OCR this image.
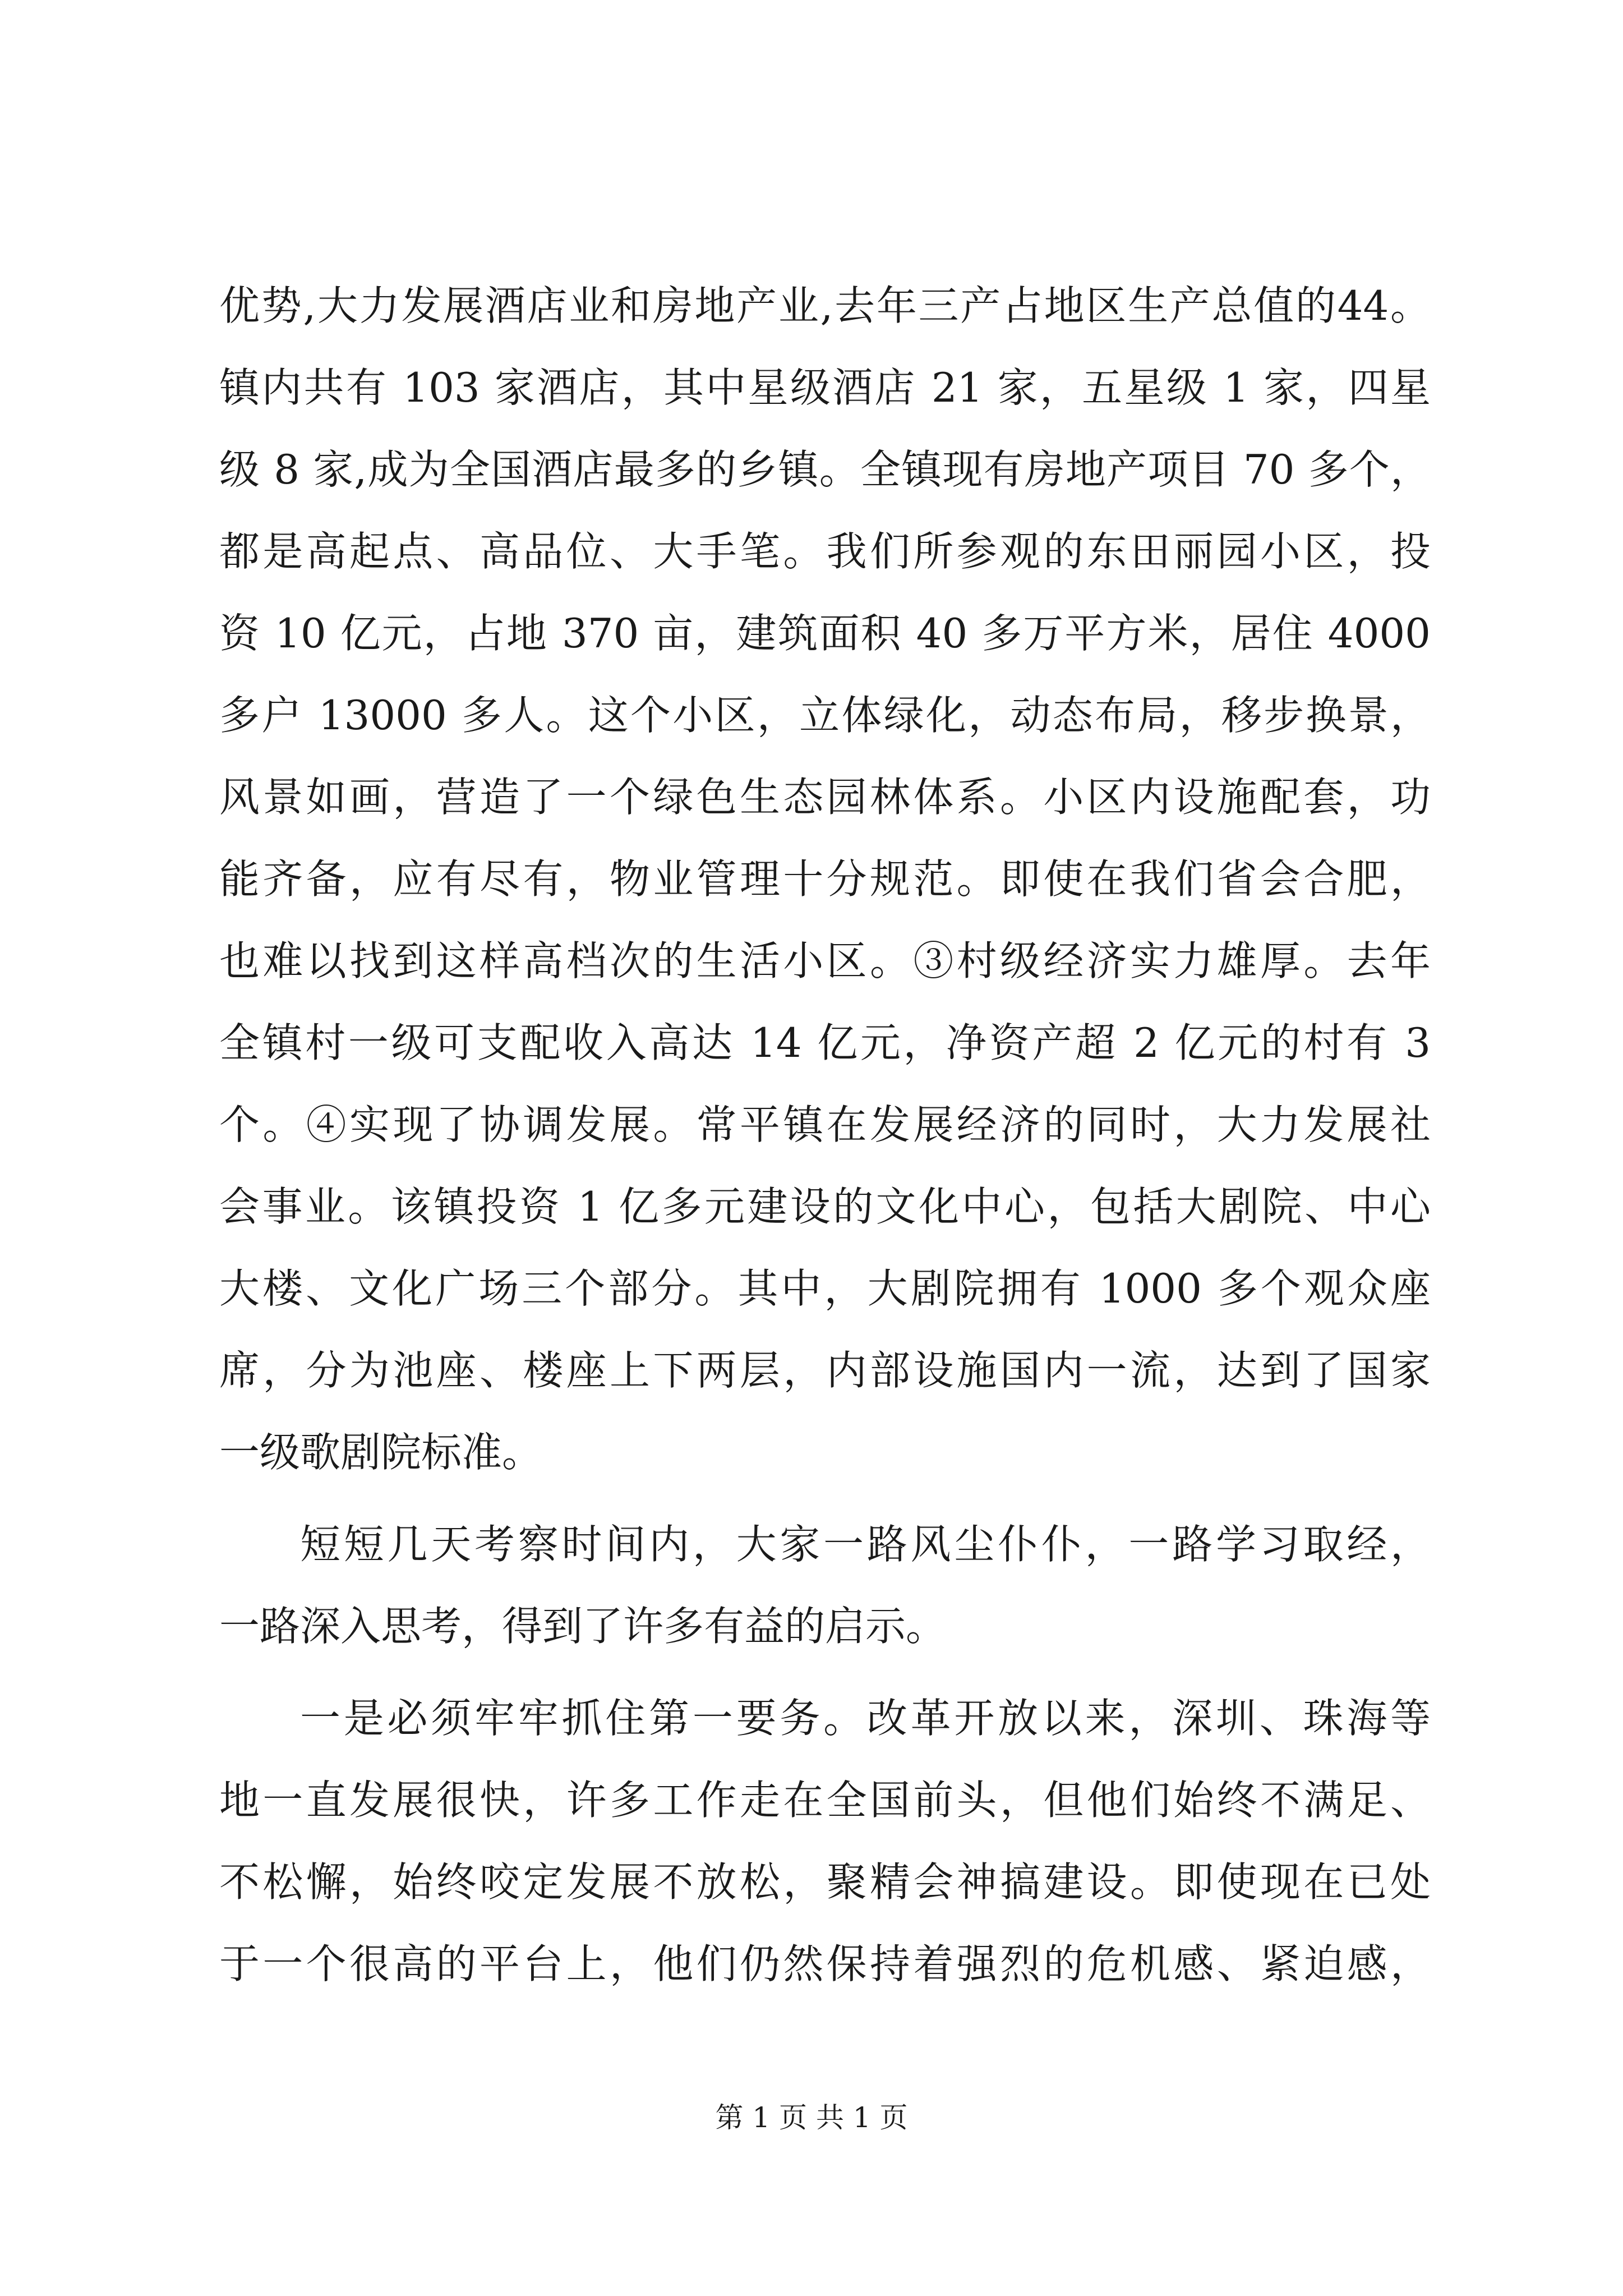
优势,大力发展酒店业和房地产业,去年三产占地区生产总值的44。
镇内共有 103 家酒店，其中星级酒店 21 家，五星级 1 家，四星
级 8 家,成为全国酒店最多的乡镇。全镇现有房地产项目 70 多个，
都是高起点、高品位、大手笔。我们所参观的东田丽园小区，投
资 10 亿元，占地 370 亩，建筑面积 40 多万平方米，居住 4000
多户 13000 多人。这个小区，立体绿化，动态布局，移步换景，
风景如画，营造了一个绿色生态园林体系。小区内设施配套，功
能齐备，应有尽有，物业管理十分规范。即使在我们省会合肥，
也难以找到这样高档次的生活小区。③村级经济实力雄厚。去年
全镇村一级可支配收入高达 14 亿元，净资产超 2 亿元的村有 3
个。④实现了协调发展。常平镇在发展经济的同时，大力发展社
会事业。该镇投资 1 亿多元建设的文化中心，包括大剧院、中心
大楼、文化广场三个部分。其中，大剧院拥有 1000 多个观众座
席，分为池座、楼座上下两层，内部设施国内一流，达到了国家
一级歌剧院标准。
短短几天考察时间内，大家一路风尘仆仆，一路学习取经，
一路深入思考，得到了许多有益的启示。
一是必须牢牢抓住第一要务。改革开放以来，深圳、珠海等
地一直发展很快，许多工作走在全国前头，但他们始终不满足、
不松懈，始终咬定发展不放松，聚精会神搞建设。即使现在已处
于一个很高的平台上，他们仍然保持着强烈的危机感、紧迫感，
第 1 页 共 1 页
